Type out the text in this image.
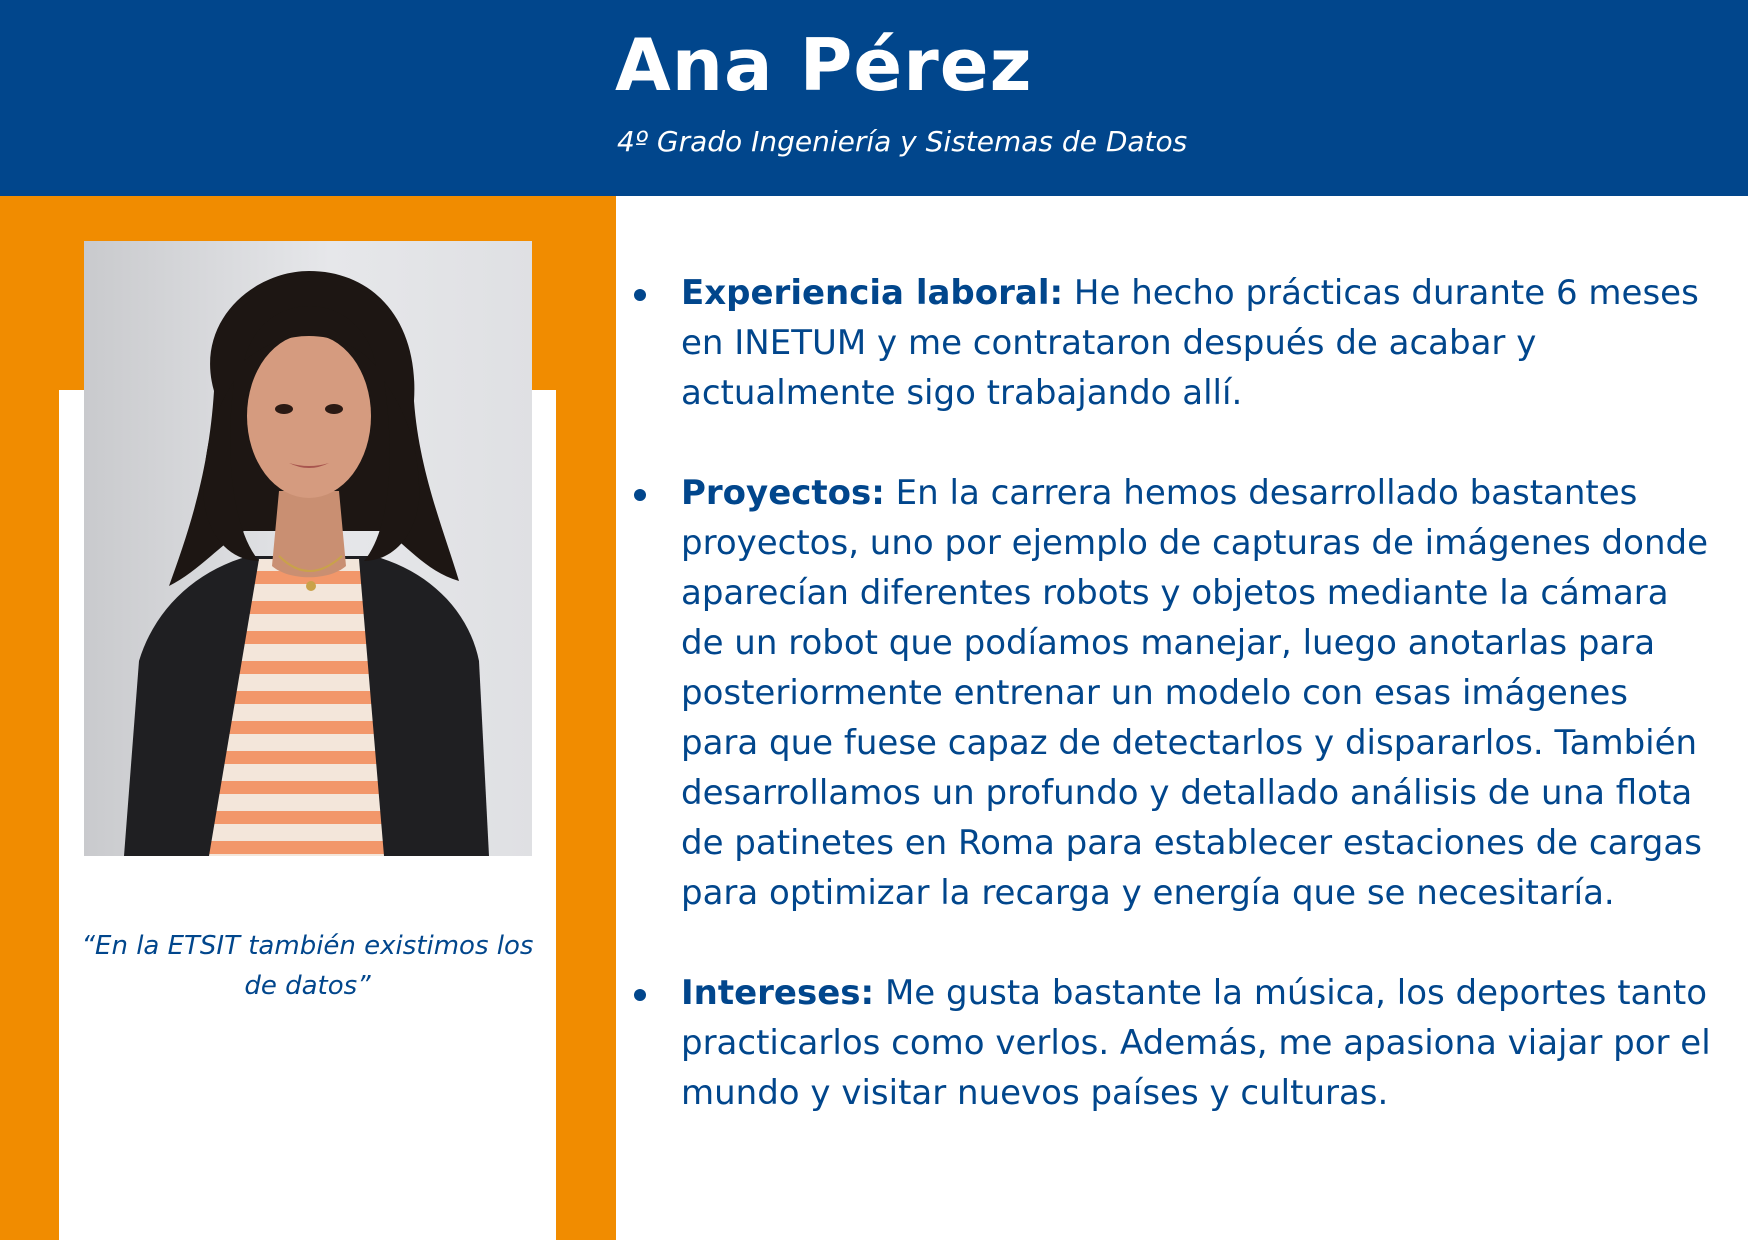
Ana Pérez
4º Grado Ingeniería y Sistemas de Datos
“En la ETSIT también existimos los de datos”
Experiencia laboral: He hecho prácticas durante 6 meses en INETUM y me contrataron después de acabar y actualmente sigo trabajando allí.
Proyectos: En la carrera hemos desarrollado bastantes proyectos, uno por ejemplo de capturas de imágenes donde aparecían diferentes robots y objetos mediante la cámara de un robot que podíamos manejar, luego anotarlas para posteriormente entrenar un modelo con esas imágenes para que fuese capaz de detectarlos y dispararlos. También desarrollamos un profundo y detallado análisis de una flota de patinetes en Roma para establecer estaciones de cargas para optimizar la recarga y energía que se necesitaría.
Intereses: Me gusta bastante la música, los deportes tanto practicarlos como verlos. Además, me apasiona viajar por el mundo y visitar nuevos países y culturas.
